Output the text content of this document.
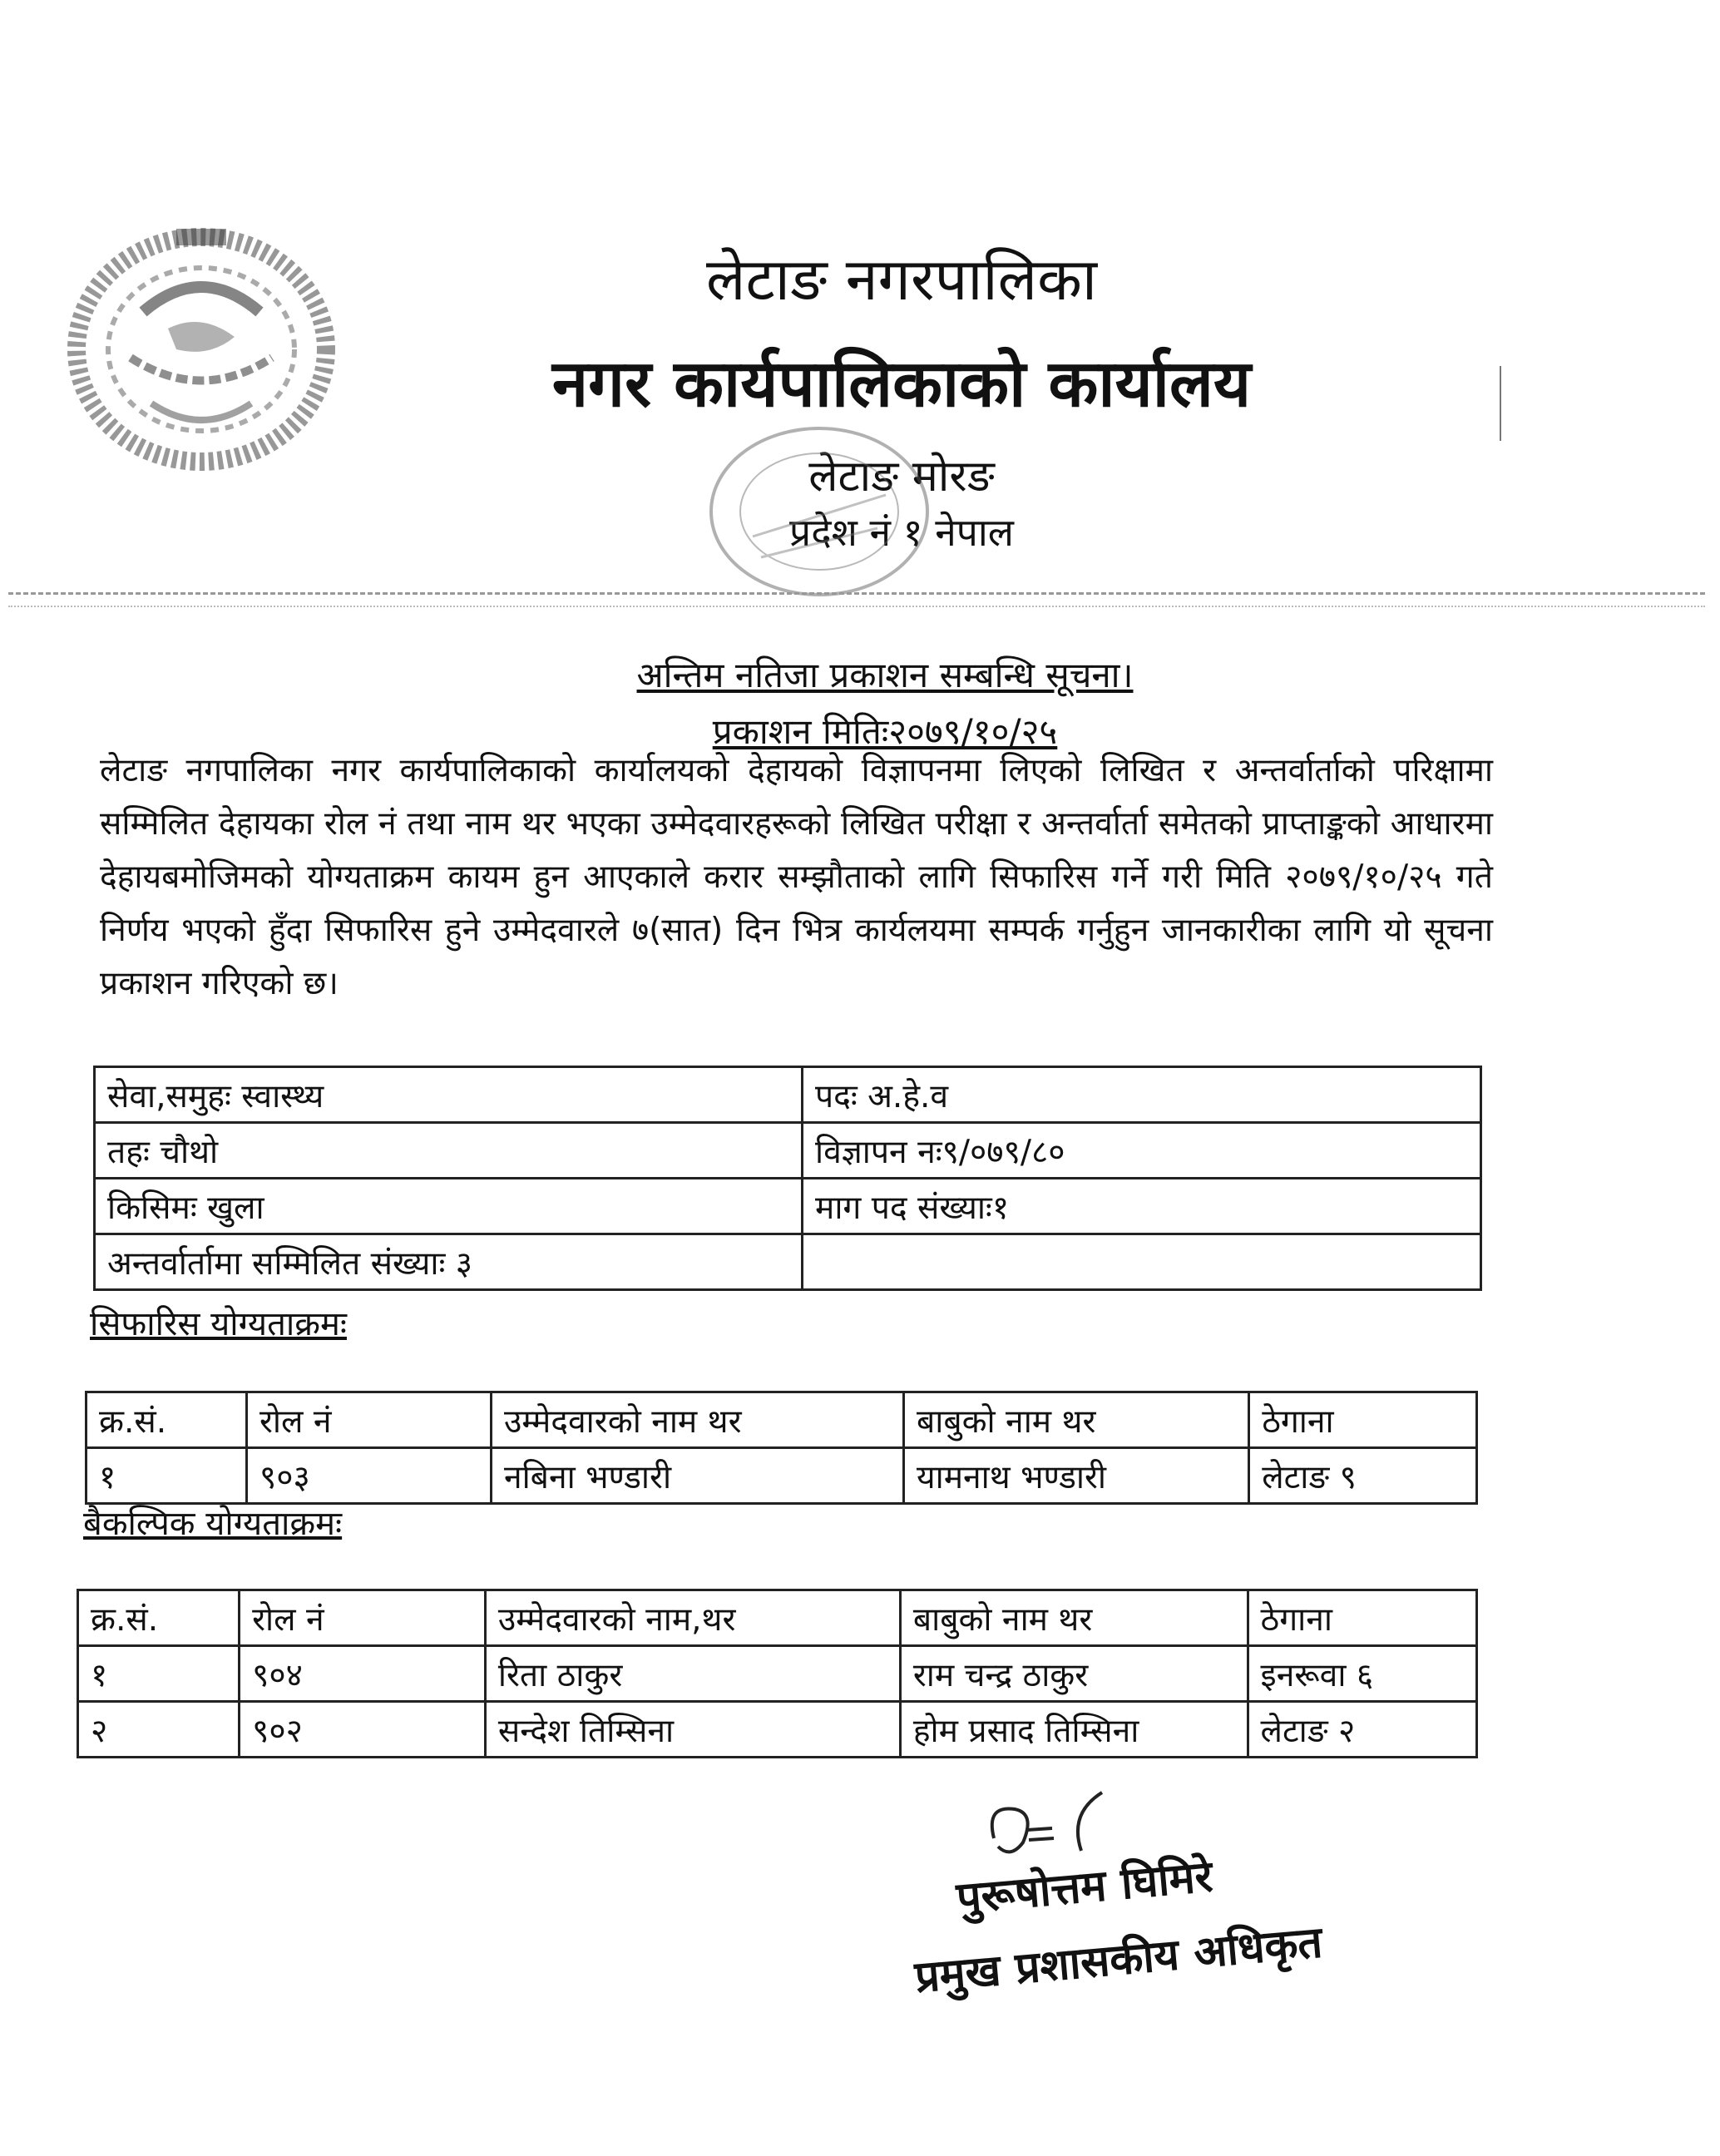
लेटाङ नगरपालिका
नगर कार्यपालिकाको कार्यालय
लेटाङ मोरङ
प्रदेश नं १ नेपाल
अन्तिम नतिजा प्रकाशन सम्बन्धि सूचना।
प्रकाशन मितिः२०७९/१०/२५
लेटाङ नगपालिका नगर कार्यपालिकाको कार्यालयको देहायको विज्ञापनमा लिएको लिखित र अन्तर्वार्ताको परिक्षामा सम्मिलित देहायका रोल नं तथा नाम थर भएका उम्मेदवारहरूको लिखित परीक्षा र अन्तर्वार्ता समेतको प्राप्ताङ्कको आधारमा देहायबमोजिमको योग्यताक्रम कायम हुन आएकाले करार सम्झौताको लागि सिफारिस गर्ने गरी मिति २०७९/१०/२५ गते निर्णय भएको हुँदा सिफारिस हुने उम्मेदवारले ७(सात) दिन भित्र कार्यलयमा सम्पर्क गर्नुहुन जानकारीका लागि यो सूचना प्रकाशन गरिएको छ।
सेवा,समुहः स्वास्थ्य	पदः अ.हे.व
तहः चौथो	विज्ञापन नः९/०७९/८०
किसिमः खुला	माग पद संख्याः१
अन्तर्वार्तामा सम्मिलित संख्याः ३	
सिफारिस योग्यताक्रमः
क्र.सं.	रोल नं	उम्मेदवारको नाम थर	बाबुको नाम थर	ठेगाना
१	९०३	नबिना भण्डारी	यामनाथ भण्डारी	लेटाङ ९
बैकल्पिक योग्यताक्रमः
क्र.सं.	रोल नं	उम्मेदवारको नाम,थर	बाबुको नाम थर	ठेगाना
१	९०४	रिता ठाकुर	राम चन्द्र ठाकुर	इनरूवा ६
२	९०२	सन्देश तिम्सिना	होम प्रसाद तिम्सिना	लेटाङ २
पुरूषोत्तम घिमिरे
प्रमुख प्रशासकीय अधिकृत
